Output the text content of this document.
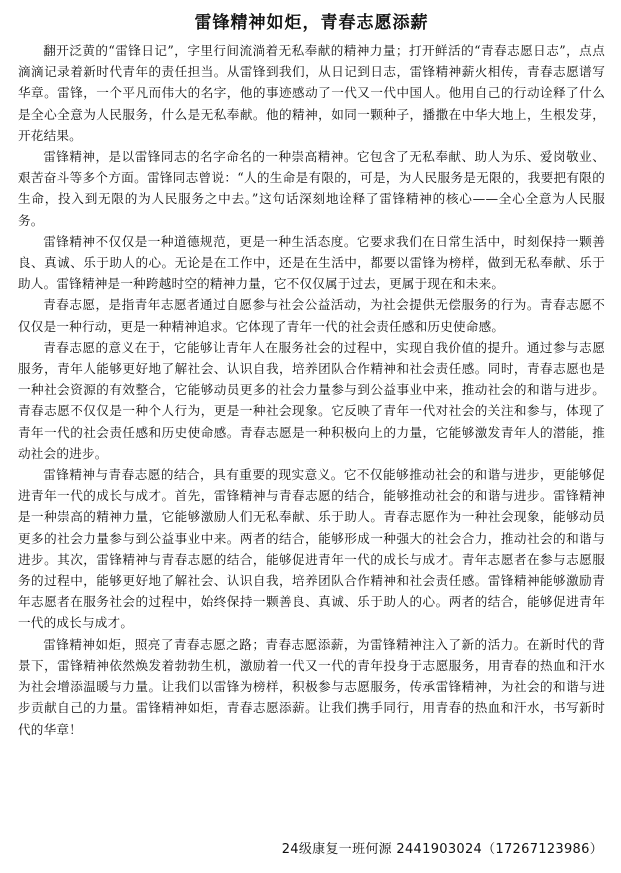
雷锋精神如炬，青春志愿添薪

翻开泛黄的“雷锋日记”，字里行间流淌着无私奉献的精神力量；打开鲜活的“青春志愿日志”，点点滴滴记录着新时代青年的责任担当。从雷锋到我们，从日记到日志，雷锋精神薪火相传，青春志愿谱写华章。雷锋，一个平凡而伟大的名字，他的事迹感动了一代又一代中国人。他用自己的行动诠释了什么是全心全意为人民服务，什么是无私奉献。他的精神，如同一颗种子，播撒在中华大地上，生根发芽，开花结果。

雷锋精神，是以雷锋同志的名字命名的一种崇高精神。它包含了无私奉献、助人为乐、爱岗敬业、艰苦奋斗等多个方面。雷锋同志曾说：“人的生命是有限的，可是，为人民服务是无限的，我要把有限的生命，投入到无限的为人民服务之中去。”这句话深刻地诠释了雷锋精神的核心——全心全意为人民服务。

雷锋精神不仅仅是一种道德规范，更是一种生活态度。它要求我们在日常生活中，时刻保持一颗善良、真诚、乐于助人的心。无论是在工作中，还是在生活中，都要以雷锋为榜样，做到无私奉献、乐于助人。雷锋精神是一种跨越时空的精神力量，它不仅仅属于过去，更属于现在和未来。

青春志愿，是指青年志愿者通过自愿参与社会公益活动，为社会提供无偿服务的行为。青春志愿不仅仅是一种行动，更是一种精神追求。它体现了青年一代的社会责任感和历史使命感。

青春志愿的意义在于，它能够让青年人在服务社会的过程中，实现自我价值的提升。通过参与志愿服务，青年人能够更好地了解社会、认识自我，培养团队合作精神和社会责任感。同时，青春志愿也是一种社会资源的有效整合，它能够动员更多的社会力量参与到公益事业中来，推动社会的和谐与进步。青春志愿不仅仅是一种个人行为，更是一种社会现象。它反映了青年一代对社会的关注和参与，体现了青年一代的社会责任感和历史使命感。青春志愿是一种积极向上的力量，它能够激发青年人的潜能，推动社会的进步。

雷锋精神与青春志愿的结合，具有重要的现实意义。它不仅能够推动社会的和谐与进步，更能够促进青年一代的成长与成才。首先，雷锋精神与青春志愿的结合，能够推动社会的和谐与进步。雷锋精神是一种崇高的精神力量，它能够激励人们无私奉献、乐于助人。青春志愿作为一种社会现象，能够动员更多的社会力量参与到公益事业中来。两者的结合，能够形成一种强大的社会合力，推动社会的和谐与进步。其次，雷锋精神与青春志愿的结合，能够促进青年一代的成长与成才。青年志愿者在参与志愿服务的过程中，能够更好地了解社会、认识自我，培养团队合作精神和社会责任感。雷锋精神能够激励青年志愿者在服务社会的过程中，始终保持一颗善良、真诚、乐于助人的心。两者的结合，能够促进青年一代的成长与成才。

雷锋精神如炬，照亮了青春志愿之路；青春志愿添薪，为雷锋精神注入了新的活力。在新时代的背景下，雷锋精神依然焕发着勃勃生机，激励着一代又一代的青年投身于志愿服务，用青春的热血和汗水为社会增添温暖与力量。让我们以雷锋为榜样，积极参与志愿服务，传承雷锋精神，为社会的和谐与进步贡献自己的力量。雷锋精神如炬，青春志愿添薪。让我们携手同行，用青春的热血和汗水，书写新时代的华章！

24级康复一班何源 2441903024（17267123986）
